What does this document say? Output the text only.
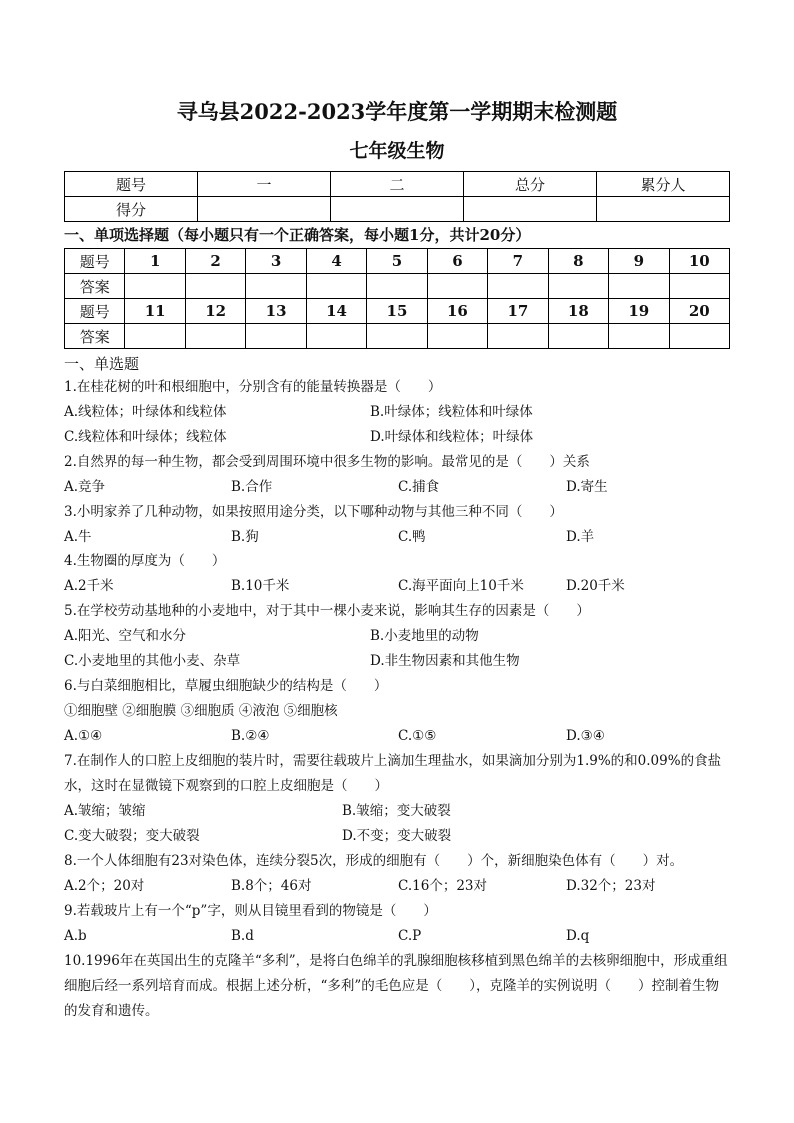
寻乌县2022-2023学年度第一学期期末检测题
七年级生物
题号	一	二	总分	累分人
得分				
一、单项选择题（每小题只有一个正确答案，每小题1分，共计20分）
题号	1	2	3	4	5	6	7	8	9	10
答案										
题号	11	12	13	14	15	16	17	18	19	20
答案										
一、单选题
1.在桂花树的叶和根细胞中，分别含有的能量转换器是（　　）
A.线粒体；叶绿体和线粒体	B.叶绿体；线粒体和叶绿体
C.线粒体和叶绿体；线粒体	D.叶绿体和线粒体；叶绿体
2.自然界的每一种生物，都会受到周围环境中很多生物的影响。最常见的是（　　）关系
A.竞争	B.合作	C.捕食	D.寄生
3.小明家养了几种动物，如果按照用途分类，以下哪种动物与其他三种不同（　　）
A.牛	B.狗	C.鸭	D.羊
4.生物圈的厚度为（　　）
A.2千米	B.10千米	C.海平面向上10千米	D.20千米
5.在学校劳动基地种的小麦地中，对于其中一棵小麦来说，影响其生存的因素是（　　）
A.阳光、空气和水分	B.小麦地里的动物
C.小麦地里的其他小麦、杂草	D.非生物因素和其他生物
6.与白菜细胞相比，草履虫细胞缺少的结构是（　　）
①细胞壁 ②细胞膜 ③细胞质 ④液泡 ⑤细胞核
A.①④	B.②④	C.①⑤	D.③④
7.在制作人的口腔上皮细胞的装片时，需要往载玻片上滴加生理盐水，如果滴加分别为1.9%的和0.09%的食盐水，这时在显微镜下观察到的口腔上皮细胞是（　　）
A.皱缩；皱缩	B.皱缩；变大破裂
C.变大破裂；变大破裂	D.不变；变大破裂
8.一个人体细胞有23对染色体，连续分裂5次，形成的细胞有（　　）个，新细胞染色体有（　　）对。
A.2个；20对	B.8个；46对	C.16个；23对	D.32个；23对
9.若载玻片上有一个“p”字，则从目镜里看到的物镜是（　　）
A.b	B.d	C.P	D.q
10.1996年在英国出生的克隆羊“多利”，是将白色绵羊的乳腺细胞核移植到黑色绵羊的去核卵细胞中，形成重组细胞后经一系列培育而成。根据上述分析，“多利”的毛色应是（　　），克隆羊的实例说明（　　）控制着生物的发育和遗传。
